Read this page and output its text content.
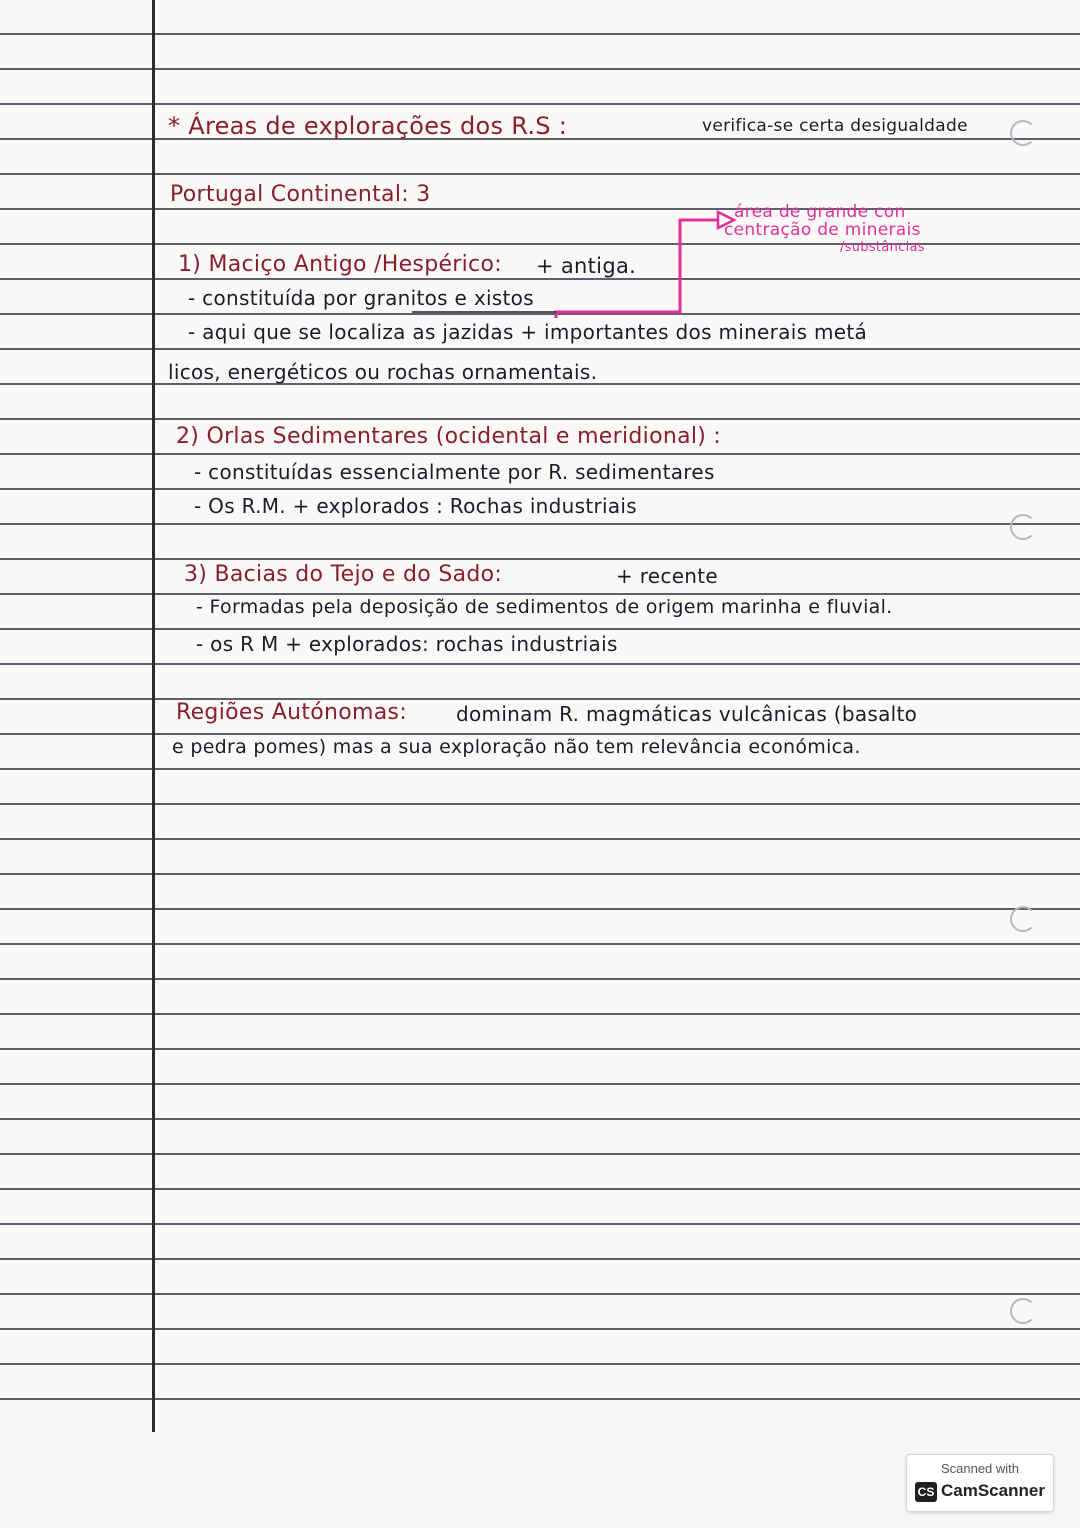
* Áreas de explorações dos R.S :	verifica-se certa desigualdade
Portugal Continental: 3
área de grande con
centração de minerais
/substâncias
1) Maciço Antigo /Hespérico: + antiga.
- constituída por granitos e xistos
- aqui que se localiza as jazidas + importantes dos minerais metá
licos, energéticos ou rochas ornamentais.
2) Orlas Sedimentares (ocidental e meridional) :
- constituídas essencialmente por R. sedimentares
- Os R.M. + explorados : Rochas industriais
3) Bacias do Tejo e do Sado:	+ recente
- Formadas pela deposição de sedimentos de origem marinha e fluvial.
- os R M + explorados: rochas industriais
Regiões Autónomas: dominam R. magmáticas vulcânicas (basalto
e pedra pomes) mas a sua exploração não tem relevância económica.
Scanned with
CS CamScanner
